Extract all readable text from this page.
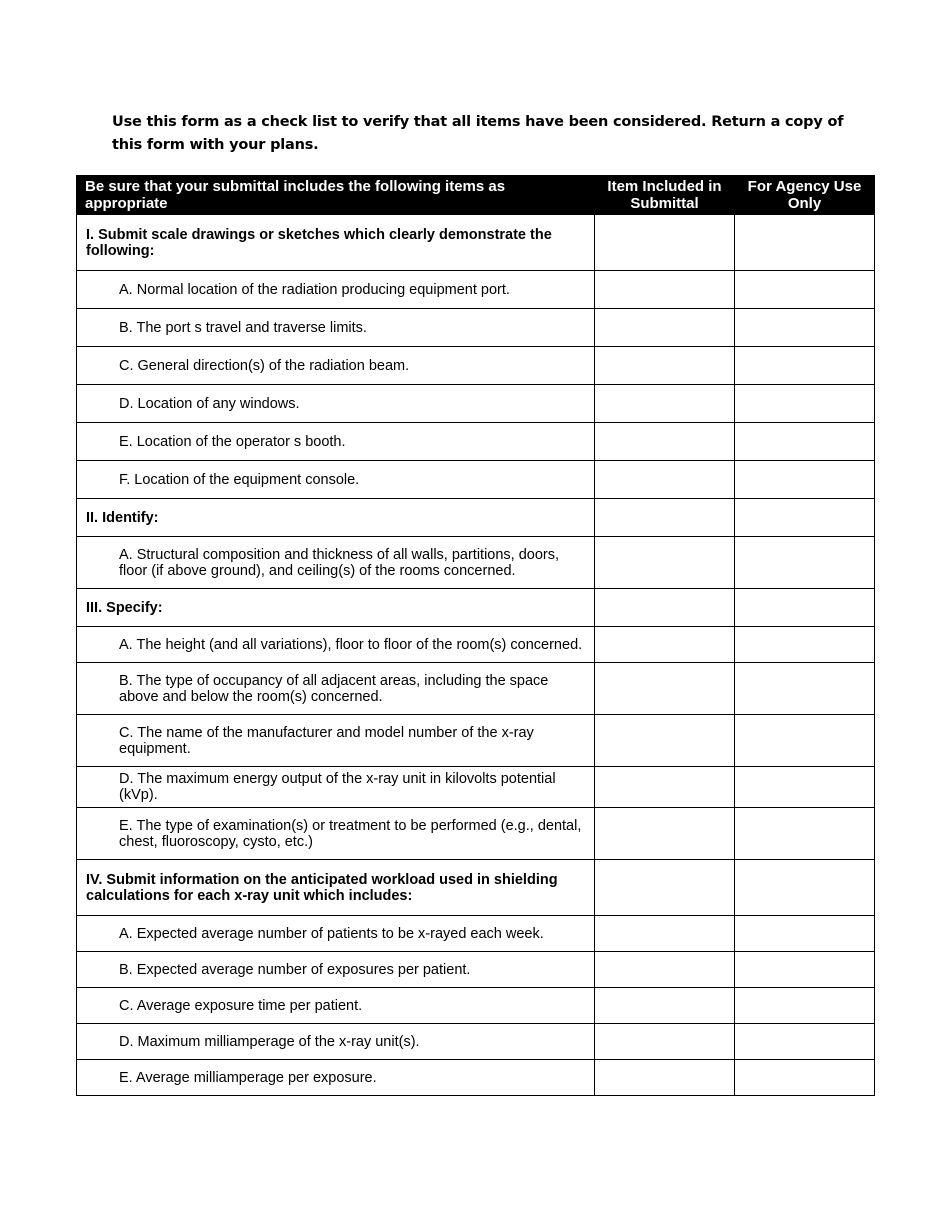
Use this form as a check list to verify that all items have been considered. Return a copy of this form with your plans.
Be sure that your submittal includes the following items as appropriate	Item Included in Submittal	For Agency Use Only
I. Submit scale drawings or sketches which clearly demonstrate the following:		
A. Normal location of the radiation producing equipment port.		
B. The port s travel and traverse limits.		
C. General direction(s) of the radiation beam.		
D. Location of any windows.		
E. Location of the operator s booth.		
F. Location of the equipment console.		
II. Identify:		
A. Structural composition and thickness of all walls, partitions, doors, floor (if above ground), and ceiling(s) of the rooms concerned.		
III. Specify:		
A. The height (and all variations), floor to floor of the room(s) concerned.		
B. The type of occupancy of all adjacent areas, including the space above and below the room(s) concerned.		
C. The name of the manufacturer and model number of the x-ray equipment.		
D. The maximum energy output of the x-ray unit in kilovolts potential (kVp).		
E. The type of examination(s) or treatment to be performed (e.g., dental, chest, fluoroscopy, cysto, etc.)		
IV. Submit information on the anticipated workload used in shielding calculations for each x-ray unit which includes:		
A. Expected average number of patients to be x-rayed each week.		
B. Expected average number of exposures per patient.		
C. Average exposure time per patient.		
D. Maximum milliamperage of the x-ray unit(s).		
E. Average milliamperage per exposure.		
